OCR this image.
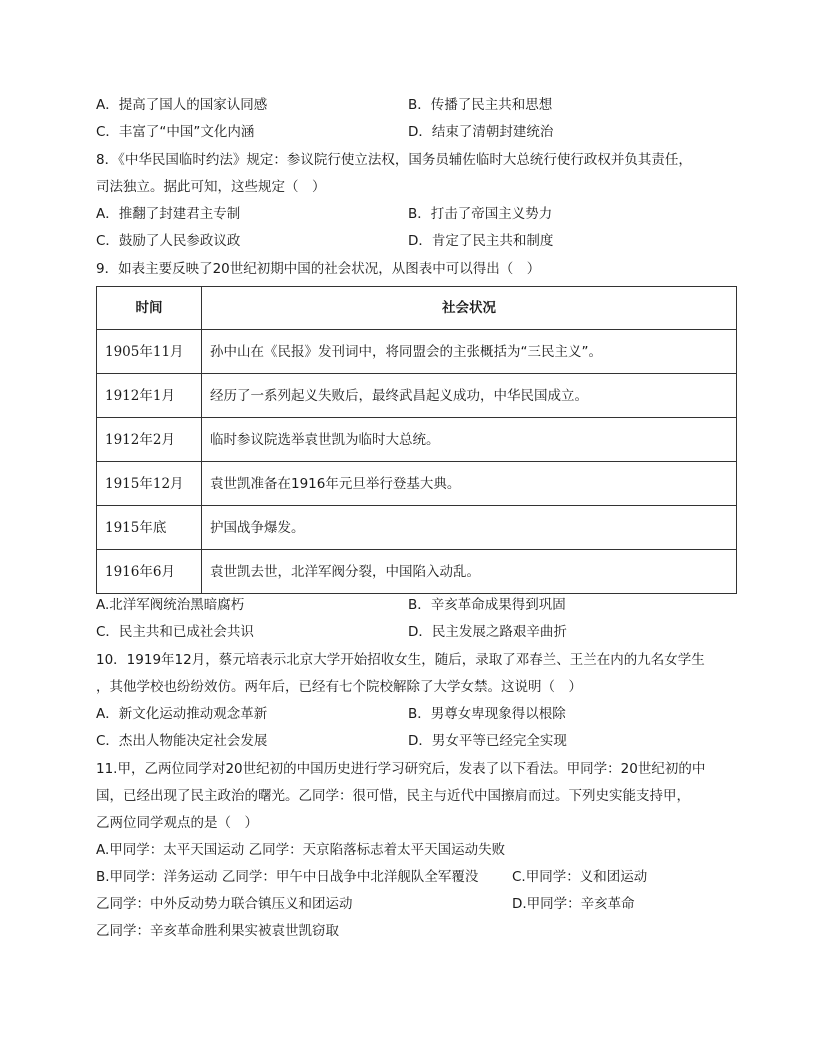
A．提高了国人的国家认同感	B．传播了民主共和思想
C．丰富了“中国”文化内涵	D．结束了清朝封建统治
8．《中华民国临时约法》规定：参议院行使立法权，国务员辅佐临时大总统行使行政权并负其责任，
司法独立。据此可知，这些规定（　）
A．推翻了封建君主专制	B．打击了帝国主义势力
C．鼓励了人民参政议政	D．肯定了民主共和制度
9．如表主要反映了20世纪初期中国的社会状况，从图表中可以得出（　）
时间	社会状况
1905年11月	孙中山在《民报》发刊词中，将同盟会的主张概括为“三民主义”。
1912年1月	经历了一系列起义失败后，最终武昌起义成功，中华民国成立。
1912年2月	临时参议院选举袁世凯为临时大总统。
1915年12月	袁世凯准备在1916年元旦举行登基大典。
1915年底	护国战争爆发。
1916年6月	袁世凯去世，北洋军阀分裂，中国陷入动乱。
A.北洋军阀统治黑暗腐朽	B．辛亥革命成果得到巩固
C．民主共和已成社会共识	D．民主发展之路艰辛曲折
10．1919年12月，蔡元培表示北京大学开始招收女生，随后，录取了邓春兰、王兰在内的九名女学生
，其他学校也纷纷效仿。两年后，已经有七个院校解除了大学女禁。这说明（　）
A．新文化运动推动观念革新	B．男尊女卑现象得以根除
C．杰出人物能决定社会发展	D．男女平等已经完全实现
11.甲，乙两位同学对20世纪初的中国历史进行学习研究后，发表了以下看法。甲同学：20世纪初的中
国，已经出现了民主政治的曙光。乙同学：很可惜，民主与近代中国擦肩而过。下列史实能支持甲，
乙两位同学观点的是（　）
A.甲同学：太平天国运动 乙同学：天京陷落标志着太平天国运动失败
B.甲同学：洋务运动 乙同学：甲午中日战争中北洋舰队全军覆没 C.甲同学：义和团运动
乙同学：中外反动势力联合镇压义和团运动	D.甲同学：辛亥革命
乙同学：辛亥革命胜利果实被袁世凯窃取
